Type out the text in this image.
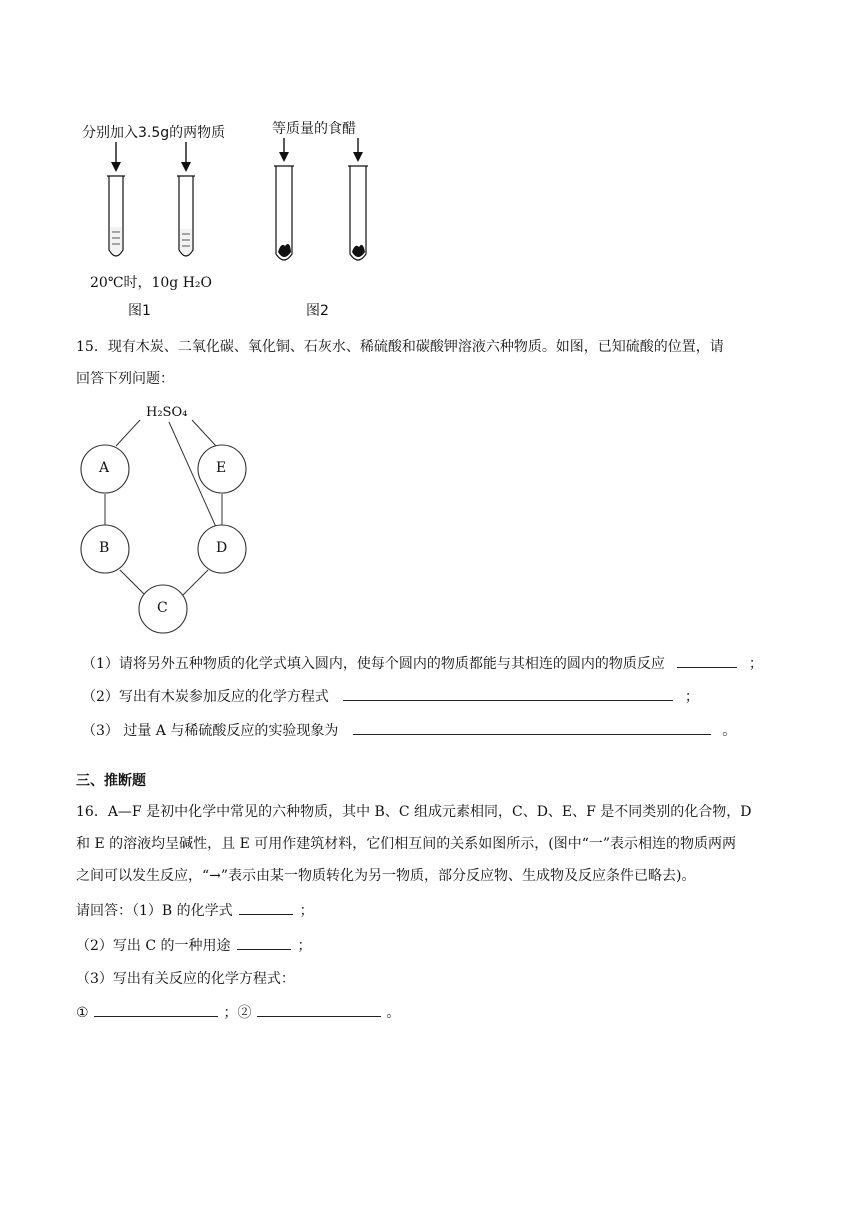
分别加入3.5g的两物质
20℃时，10g H₂O
图1
等质量的食醋
图2
15．现有木炭、二氧化碳、氧化铜、石灰水、稀硫酸和碳酸钾溶液六种物质。如图，已知硫酸的位置，请
回答下列问题：
H₂SO₄
A	E
B	D
C
（1）请将另外五种物质的化学式填入圆内，使每个圆内的物质都能与其相连的圆内的物质反应	；
（2）写出有木炭参加反应的化学方程式	；
（3） 过量 A 与稀硫酸反应的实验现象为	。
三、推断题
16．A—F 是初中化学中常见的六种物质，其中 B、C 组成元素相同，C、D、E、F 是不同类别的化合物，D
和 E 的溶液均呈碱性，且 E 可用作建筑材料，它们相互间的关系如图所示，(图中“一”表示相连的物质两两
之间可以发生反应，“→”表示由某一物质转化为另一物质，部分反应物、生成物及反应条件已略去)。
请回答：（1）B 的化学式	；
（2）写出 C 的一种用途	；
（3）写出有关反应的化学方程式：
①	；②	。
